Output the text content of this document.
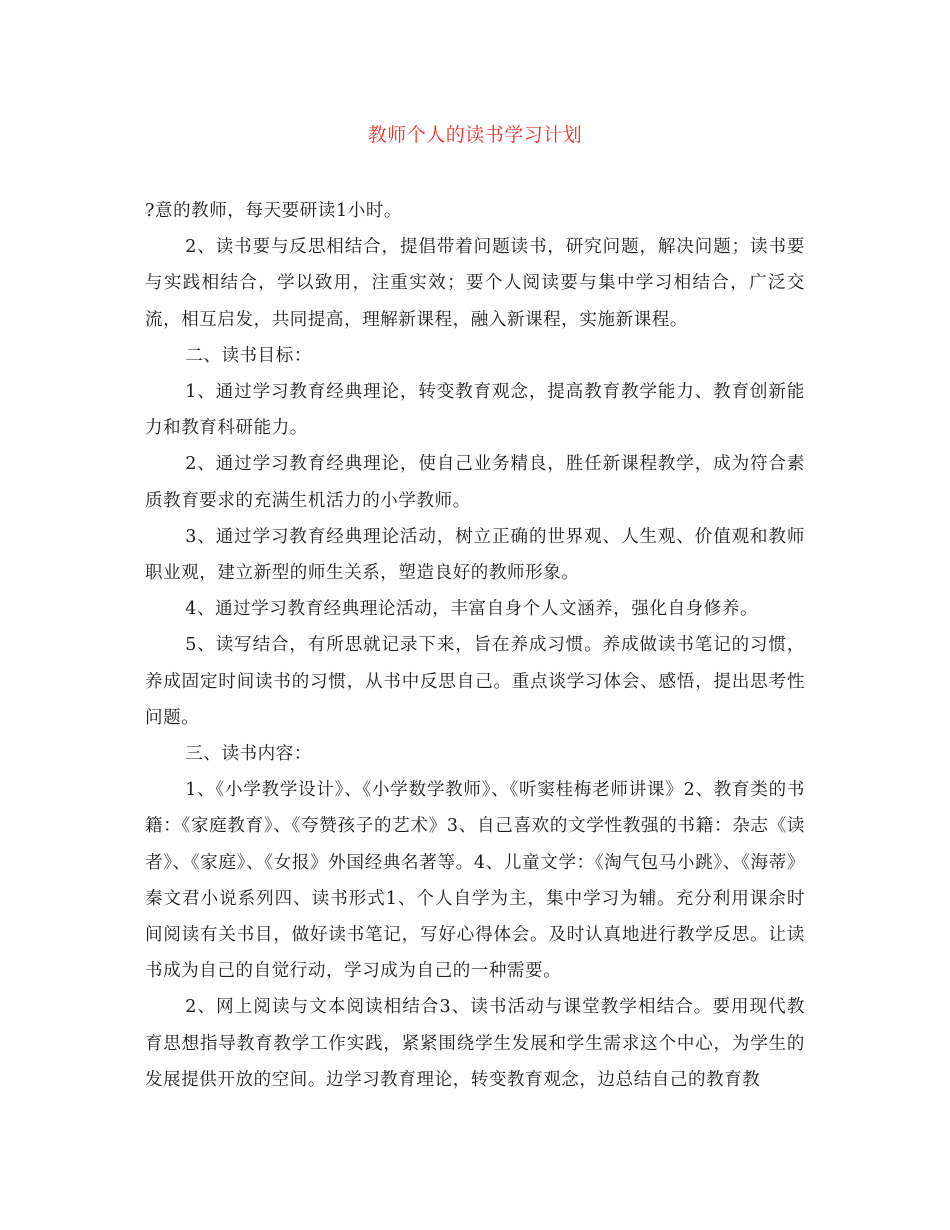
教师个人的读书学习计划

?意的教师，每天要研读1小时。

2、读书要与反思相结合，提倡带着问题读书，研究问题，解决问题；读书要与实践相结合，学以致用，注重实效；要个人阅读要与集中学习相结合，广泛交流，相互启发，共同提高，理解新课程，融入新课程，实施新课程。

二、读书目标：

1、通过学习教育经典理论，转变教育观念，提高教育教学能力、教育创新能力和教育科研能力。

2、通过学习教育经典理论，使自己业务精良，胜任新课程教学，成为符合素质教育要求的充满生机活力的小学教师。

3、通过学习教育经典理论活动，树立正确的世界观、人生观、价值观和教师职业观，建立新型的师生关系，塑造良好的教师形象。

4、通过学习教育经典理论活动，丰富自身个人文涵养，强化自身修养。

5、读写结合，有所思就记录下来，旨在养成习惯。养成做读书笔记的习惯，养成固定时间读书的习惯，从书中反思自己。重点谈学习体会、感悟，提出思考性问题。

三、读书内容：

1、《小学教学设计》、《小学数学教师》、《听窦桂梅老师讲课》2、教育类的书籍：《家庭教育》、《夸赞孩子的艺术》3、自己喜欢的文学性教强的书籍：杂志《读者》、《家庭》、《女报》外国经典名著等。4、儿童文学：《淘气包马小跳》、《海蒂》秦文君小说系列四、读书形式1、个人自学为主，集中学习为辅。充分利用课余时间阅读有关书目，做好读书笔记，写好心得体会。及时认真地进行教学反思。让读书成为自己的自觉行动，学习成为自己的一种需要。

2、网上阅读与文本阅读相结合3、读书活动与课堂教学相结合。要用现代教育思想指导教育教学工作实践，紧紧围绕学生发展和学生需求这个中心，为学生的发展提供开放的空间。边学习教育理论，转变教育观念，边总结自己的教育教
